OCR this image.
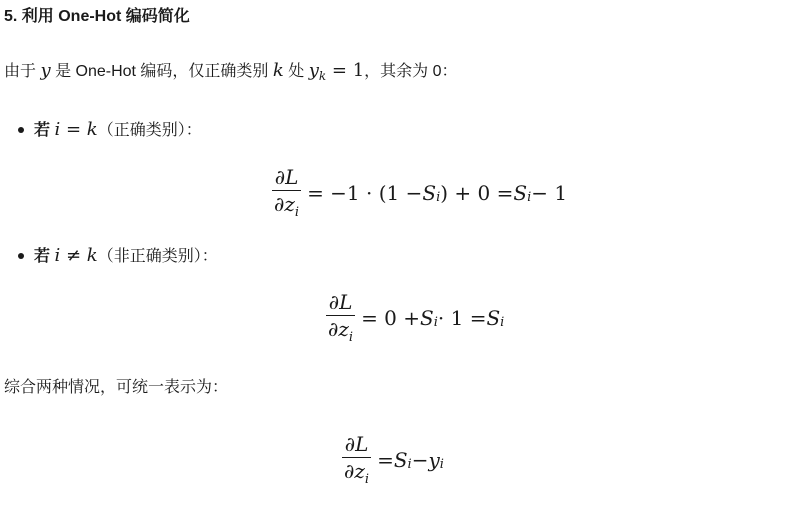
5. 利用 One-Hot 编码简化
由于 y 是 One-Hot 编码，仅正确类别 k 处 $y_k = 1$，其余为 0：
若 i = k（正确类别）：
$\frac{\partial L}{\partial z_i} = -1 \cdot (1 - S$ i ) + 0 = S i − 1
若 i ≠ k（非正确类别）：
$\frac{\partial L}{\partial z_i} = 0 + S$ i · 1 = S i
综合两种情况，可统一表示为：
$\frac{\partial L}{\partial z_i} = S$ i − y i
